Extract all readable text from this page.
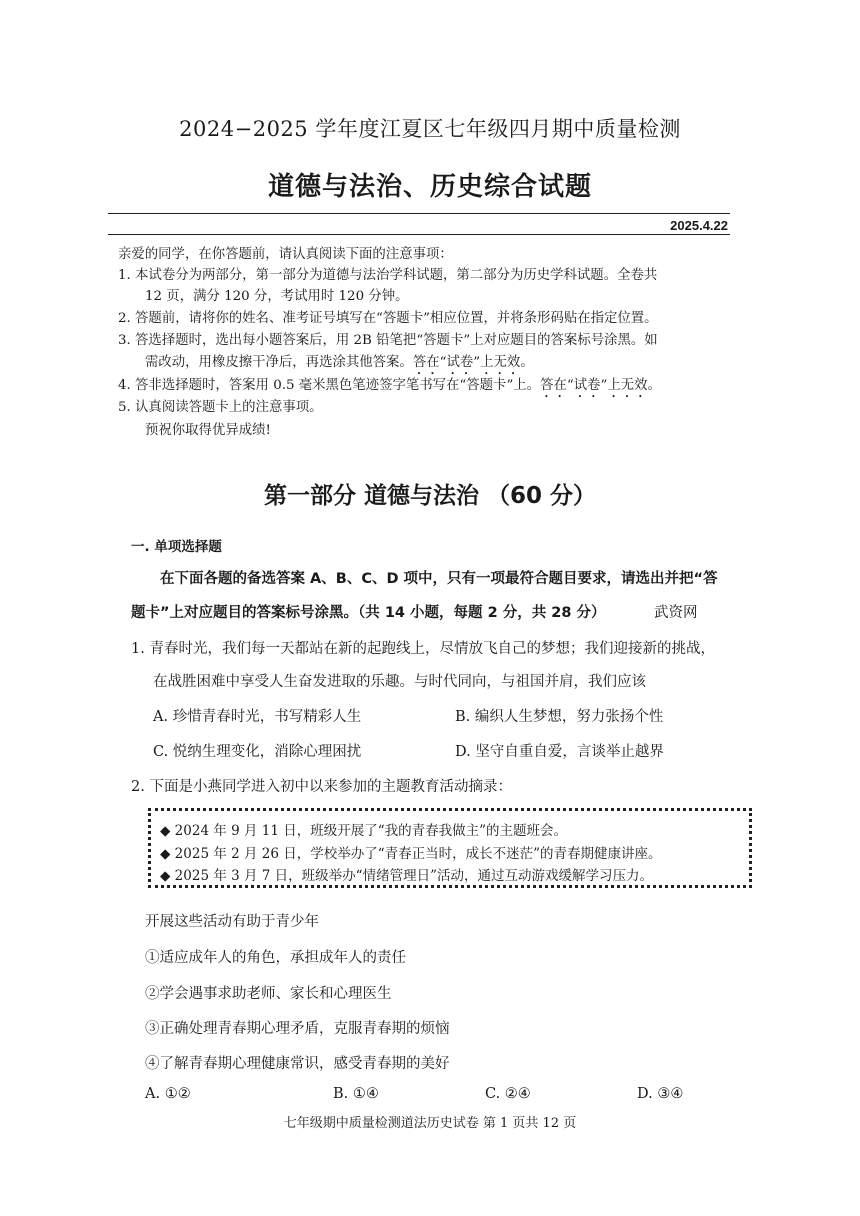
2024−2025 学年度江夏区七年级四月期中质量检测
道德与法治、历史综合试题
2025.4.22
亲爱的同学，在你答题前，请认真阅读下面的注意事项：
1. 本试卷分为两部分，第一部分为道德与法治学科试题，第二部分为历史学科试题。全卷共
12 页，满分 120 分，考试用时 120 分钟。
2. 答题前，请将你的姓名、准考证号填写在“答题卡”相应位置，并将条形码贴在指定位置。
3. 答选择题时，选出每小题答案后，用 2B 铅笔把“答题卡”上对应题目的答案标号涂黑。如
需改动，用橡皮擦干净后，再选涂其他答案。答在“试卷”上无效。
4. 答非选择题时，答案用 0.5 毫米黑色笔迹签字笔书写在“答题卡”上。答在“试卷”上无效。
5. 认真阅读答题卡上的注意事项。
预祝你取得优异成绩!
第一部分 道德与法治 （60 分）
一. 单项选择题
在下面各题的备选答案 A、B、C、D 项中，只有一项最符合题目要求，请选出并把“答
题卡”上对应题目的答案标号涂黑。（共 14 小题，每题 2 分，共 28 分）	武资网
1. 青春时光，我们每一天都站在新的起跑线上，尽情放飞自己的梦想；我们迎接新的挑战，
在战胜困难中享受人生奋发进取的乐趣。与时代同向，与祖国并肩，我们应该
A. 珍惜青春时光，书写精彩人生	B. 编织人生梦想，努力张扬个性
C. 悦纳生理变化，消除心理困扰	D. 坚守自重自爱，言谈举止越界
2. 下面是小燕同学进入初中以来参加的主题教育活动摘录：
◆ 2024 年 9 月 11 日，班级开展了“我的青春我做主”的主题班会。
◆ 2025 年 2 月 26 日，学校举办了“青春正当时，成长不迷茫”的青春期健康讲座。
◆ 2025 年 3 月 7 日，班级举办“情绪管理日”活动，通过互动游戏缓解学习压力。
开展这些活动有助于青少年
①适应成年人的角色，承担成年人的责任
②学会遇事求助老师、家长和心理医生
③正确处理青春期心理矛盾，克服青春期的烦恼
④了解青春期心理健康常识，感受青春期的美好
A. ①②	B. ①④	C. ②④	D. ③④
七年级期中质量检测道法历史试卷 第 1 页共 12 页
